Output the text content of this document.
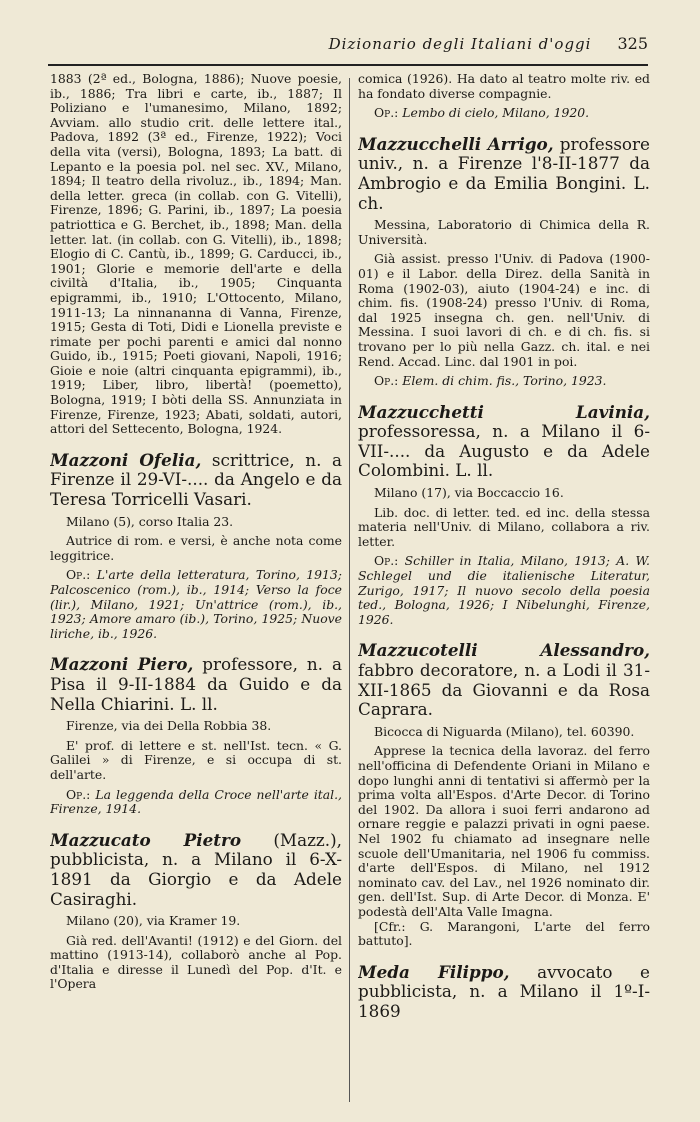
Dizionario degli Italiani d'oggi 325

1883 (2ª ed., Bologna, 1886); Nuove poesie, ib., 1886; Tra libri e carte, ib., 1887; Il Poliziano e l'umanesimo, Milano, 1892; Avviam. allo studio crit. delle lettere ital., Padova, 1892 (3ª ed., Firenze, 1922); Voci della vita (versi), Bologna, 1893; La batt. di Lepanto e la poesia pol. nel sec. XV., Milano, 1894; Il teatro della rivoluz., ib., 1894; Man. della letter. greca (in collab. con G. Vitelli), Firenze, 1896; G. Parini, ib., 1897; La poesia patriottica e G. Berchet, ib., 1898; Man. della letter. lat. (in collab. con G. Vitelli), ib., 1898; Elogio di C. Cantù, ib., 1899; G. Carducci, ib., 1901; Glorie e memorie dell'arte e della civiltà d'Italia, ib., 1905; Cinquanta epigrammi, ib., 1910; L'Ottocento, Milano, 1911-13; La ninnananna di Vanna, Firenze, 1915; Gesta di Toti, Didi e Lionella previste e rimate per pochi parenti e amici dal nonno Guido, ib., 1915; Poeti giovani, Napoli, 1916; Gioie e noie (altri cinquanta epigrammi), ib., 1919; Liber, libro, libertà! (poemetto), Bologna, 1919; I bòti della SS. Annunziata in Firenze, Firenze, 1923; Abati, soldati, autori, attori del Settecento, Bologna, 1924.

Mazzoni Ofelia, scrittrice, n. a Firenze il 29-VI-.... da Angelo e da Teresa Torricelli Vasari.

Milano (5), corso Italia 23.

Autrice di rom. e versi, è anche nota come leggitrice.

Op.: L'arte della letteratura, Torino, 1913; Palcoscenico (rom.), ib., 1914; Verso la foce (lir.), Milano, 1921; Un'attrice (rom.), ib., 1923; Amore amaro (ib.), Torino, 1925; Nuove liriche, ib., 1926.

Mazzoni Piero, professore, n. a Pisa il 9-II-1884 da Guido e da Nella Chiarini. L. ll.

Firenze, via dei Della Robbia 38.

E' prof. di lettere e st. nell'Ist. tecn. « G. Galilei » di Firenze, e si occupa di st. dell'arte.

Op.: La leggenda della Croce nell'arte ital., Firenze, 1914.

Mazzucato Pietro (Mazz.), pubblicista, n. a Milano il 6-X-1891 da Giorgio e da Adele Casiraghi.

Milano (20), via Kramer 19.

Già red. dell'Avanti! (1912) e del Giorn. del mattino (1913-14), collaborò anche al Pop. d'Italia e diresse il Lunedì del Pop. d'It. e l'Opera

comica (1926). Ha dato al teatro molte riv. ed ha fondato diverse compagnie.

Op.: Lembo di cielo, Milano, 1920.

Mazzucchelli Arrigo, professore univ., n. a Firenze l'8-II-1877 da Ambrogio e da Emilia Bongini. L. ch.

Messina, Laboratorio di Chimica della R. Università.

Già assist. presso l'Univ. di Padova (1900-01) e il Labor. della Direz. della Sanità in Roma (1902-03), aiuto (1904-24) e inc. di chim. fis. (1908-24) presso l'Univ. di Roma, dal 1925 insegna ch. gen. nell'Univ. di Messina. I suoi lavori di ch. e di ch. fis. si trovano per lo più nella Gazz. ch. ital. e nei Rend. Accad. Linc. dal 1901 in poi.

Op.: Elem. di chim. fis., Torino, 1923.

Mazzucchetti Lavinia, professoressa, n. a Milano il 6-VII-.... da Augusto e da Adele Colombini. L. ll.

Milano (17), via Boccaccio 16.

Lib. doc. di letter. ted. ed inc. della stessa materia nell'Univ. di Milano, collabora a riv. letter.

Op.: Schiller in Italia, Milano, 1913; A. W. Schlegel und die italienische Literatur, Zurigo, 1917; Il nuovo secolo della poesia ted., Bologna, 1926; I Nibelunghi, Firenze, 1926.

Mazzucotelli Alessandro, fabbro decoratore, n. a Lodi il 31-XII-1865 da Giovanni e da Rosa Caprara.

Bicocca di Niguarda (Milano), tel. 60390.

Apprese la tecnica della lavoraz. del ferro nell'officina di Defendente Oriani in Milano e dopo lunghi anni di tentativi si affermò per la prima volta all'Espos. d'Arte Decor. di Torino del 1902. Da allora i suoi ferri andarono ad ornare reggie e palazzi privati in ogni paese. Nel 1902 fu chiamato ad insegnare nelle scuole dell'Umanitaria, nel 1906 fu commiss. d'arte dell'Espos. di Milano, nel 1912 nominato cav. del Lav., nel 1926 nominato dir. gen. dell'Ist. Sup. di Arte Decor. di Monza. E' podestà dell'Alta Valle Imagna.

[Cfr.: G. Marangoni, L'arte del ferro battuto].

Meda Filippo, avvocato e pubblicista, n. a Milano il 1º-I-1869
